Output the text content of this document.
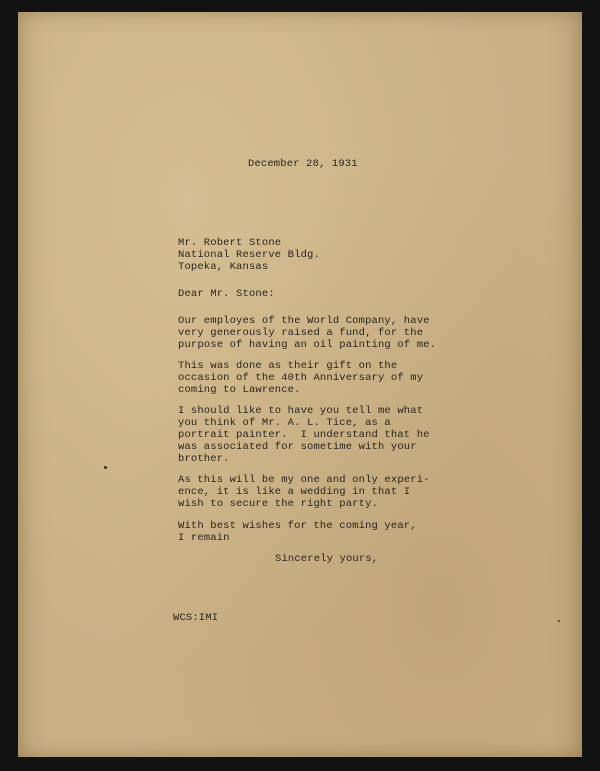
December 28, 1931

Mr. Robert Stone

National Reserve Bldg.

Topeka, Kansas

Dear Mr. Stone:

Our employes of the World Company, have

very generously raised a fund, for the

purpose of having an oil painting of me.

This was done as their gift on the

occasion of the 40th Anniversary of my

coming to Lawrence.

I should like to have you tell me what

you think of Mr. A. L. Tice, as a

portrait painter.  I understand that he

was associated for sometime with your

brother.

As this will be my one and only experi-

ence, it is like a wedding in that I

wish to secure the right party.

With best wishes for the coming year,

I remain

Sincerely yours,

WCS:IMI
